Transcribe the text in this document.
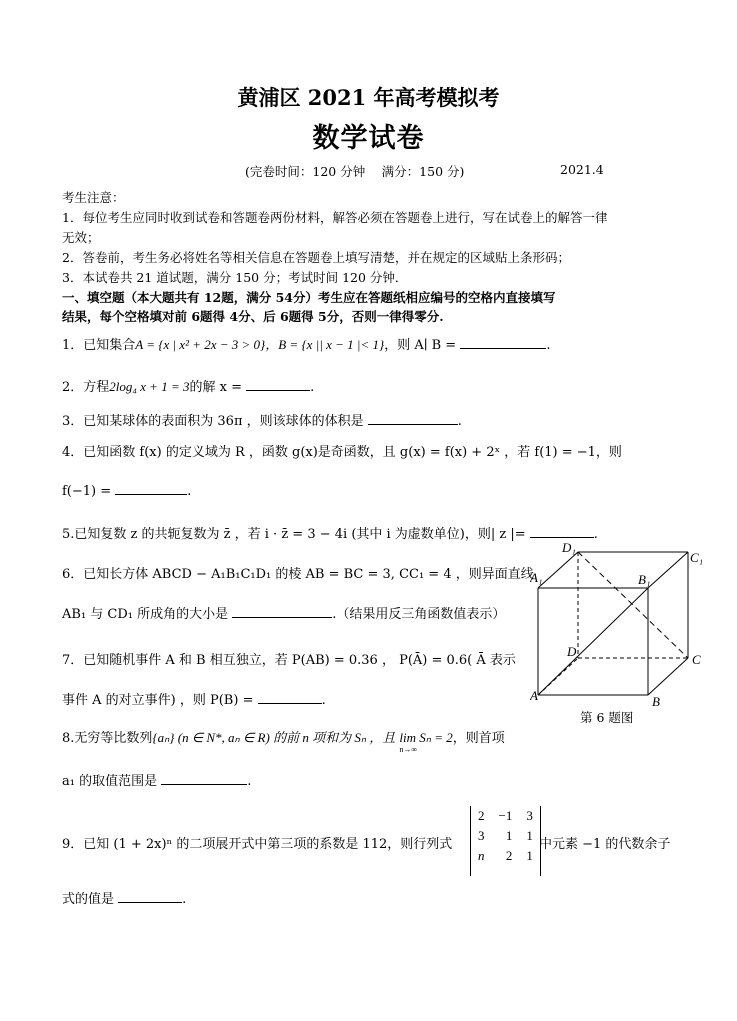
黄浦区 2021 年高考模拟考
数学试卷
(完卷时间：120 分钟　 满分：150 分)	2021.4
考生注意：
1．每位考生应同时收到试卷和答题卷两份材料，解答必须在答题卷上进行，写在试卷上的解答一律
无效；
2．答卷前，考生务必将姓名等相关信息在答题卷上填写清楚，并在规定的区域贴上条形码；
3．本试卷共 21 道试题，满分 150 分；考试时间 120 分钟．
一、填空题（本大题共有 12题，满分 54分）考生应在答题纸相应编号的空格内直接填写
结果，每个空格填对前 6题得 4分、后 6题得 5分，否则一律得零分.
1．已知集合A = {x | x² + 2x − 3 > 0}，B = {x || x − 1 |< 1}，则 A∣ B =	.
2．方程2log₄ x + 1 = 3的解 x =	.
3．已知某球体的表面积为 36π ，则该球体的体积是	.
4．已知函数 f(x) 的定义域为 R ，函数 g(x)是奇函数，且 g(x) = f(x) + 2ˣ ，若 f(1) = −1，则
f(−1) =	.
5.已知复数 z 的共轭复数为 z̄ ，若 i · z̄ = 3 − 4i (其中 i 为虚数单位)，则| z |=	.
6．已知长方体 ABCD − A₁B₁C₁D₁ 的棱 AB = BC = 3, CC₁ = 4 ，则异面直线
AB₁ 与 CD₁ 所成角的大小是	.（结果用反三角函数值表示）
7．已知随机事件 A 和 B 相互独立，若 P(AB) = 0.36 ， P(Ā) = 0.6( Ā 表示
事件 A 的对立事件) ，则 P(B) =	.
8.无穷等比数列{aₙ} (n ∈ N*, aₙ ∈ R) 的前 n 项和为 Sₙ ，且 lim Sₙ = 2
n→∞
，则首项
a₁ 的取值范围是	.
9．已知 (1 + 2x)ⁿ 的二项展开式中第三项的系数是 112，则行列式
2	−1	3
3	1	1
n	2	1
中元素 −1 的代数余子
式的值是	.
D₁
C₁
A₁	B₁
D
C
A	B
第 6 题图
